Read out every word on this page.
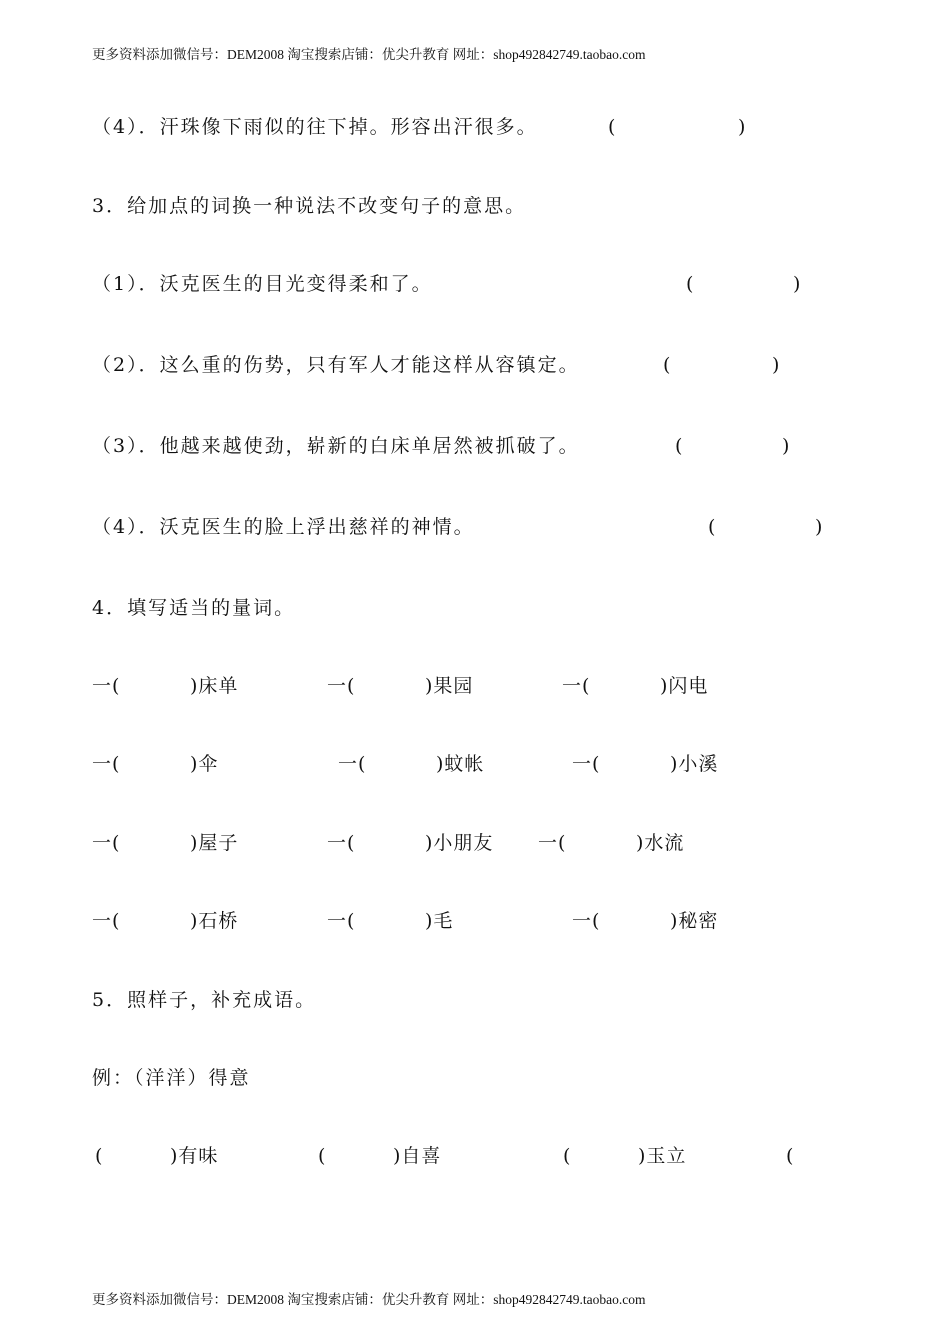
更多资料添加微信号：DEM2008 淘宝搜索店铺：优尖升教育 网址：shop492842749.taobao.com
（4）．汗珠像下雨似的往下掉。形容出汗很多。	(	)
3．给加点的词换一种说法不改变句子的意思。
（1）．沃克医生的目光变得柔和了。	(	)
（2）．这么重的伤势，只有军人才能这样从容镇定。	(	)
（3）．他越来越使劲，崭新的白床单居然被抓破了。	(	)
（4）．沃克医生的脸上浮出慈祥的神情。	(	)
4．填写适当的量词。
一(	)床单	一(	)果园	一(	)闪电
一(	)伞	一(	)蚊帐	一(	)小溪
一(	)屋子	一(	)小朋友 一(	)水流
一(	)石桥	一(	)毛	一(	)秘密
5．照样子，补充成语。
例：（洋洋）得意
(	)有味	(	)自喜	(	)玉立	(
更多资料添加微信号：DEM2008 淘宝搜索店铺：优尖升教育 网址：shop492842749.taobao.com
